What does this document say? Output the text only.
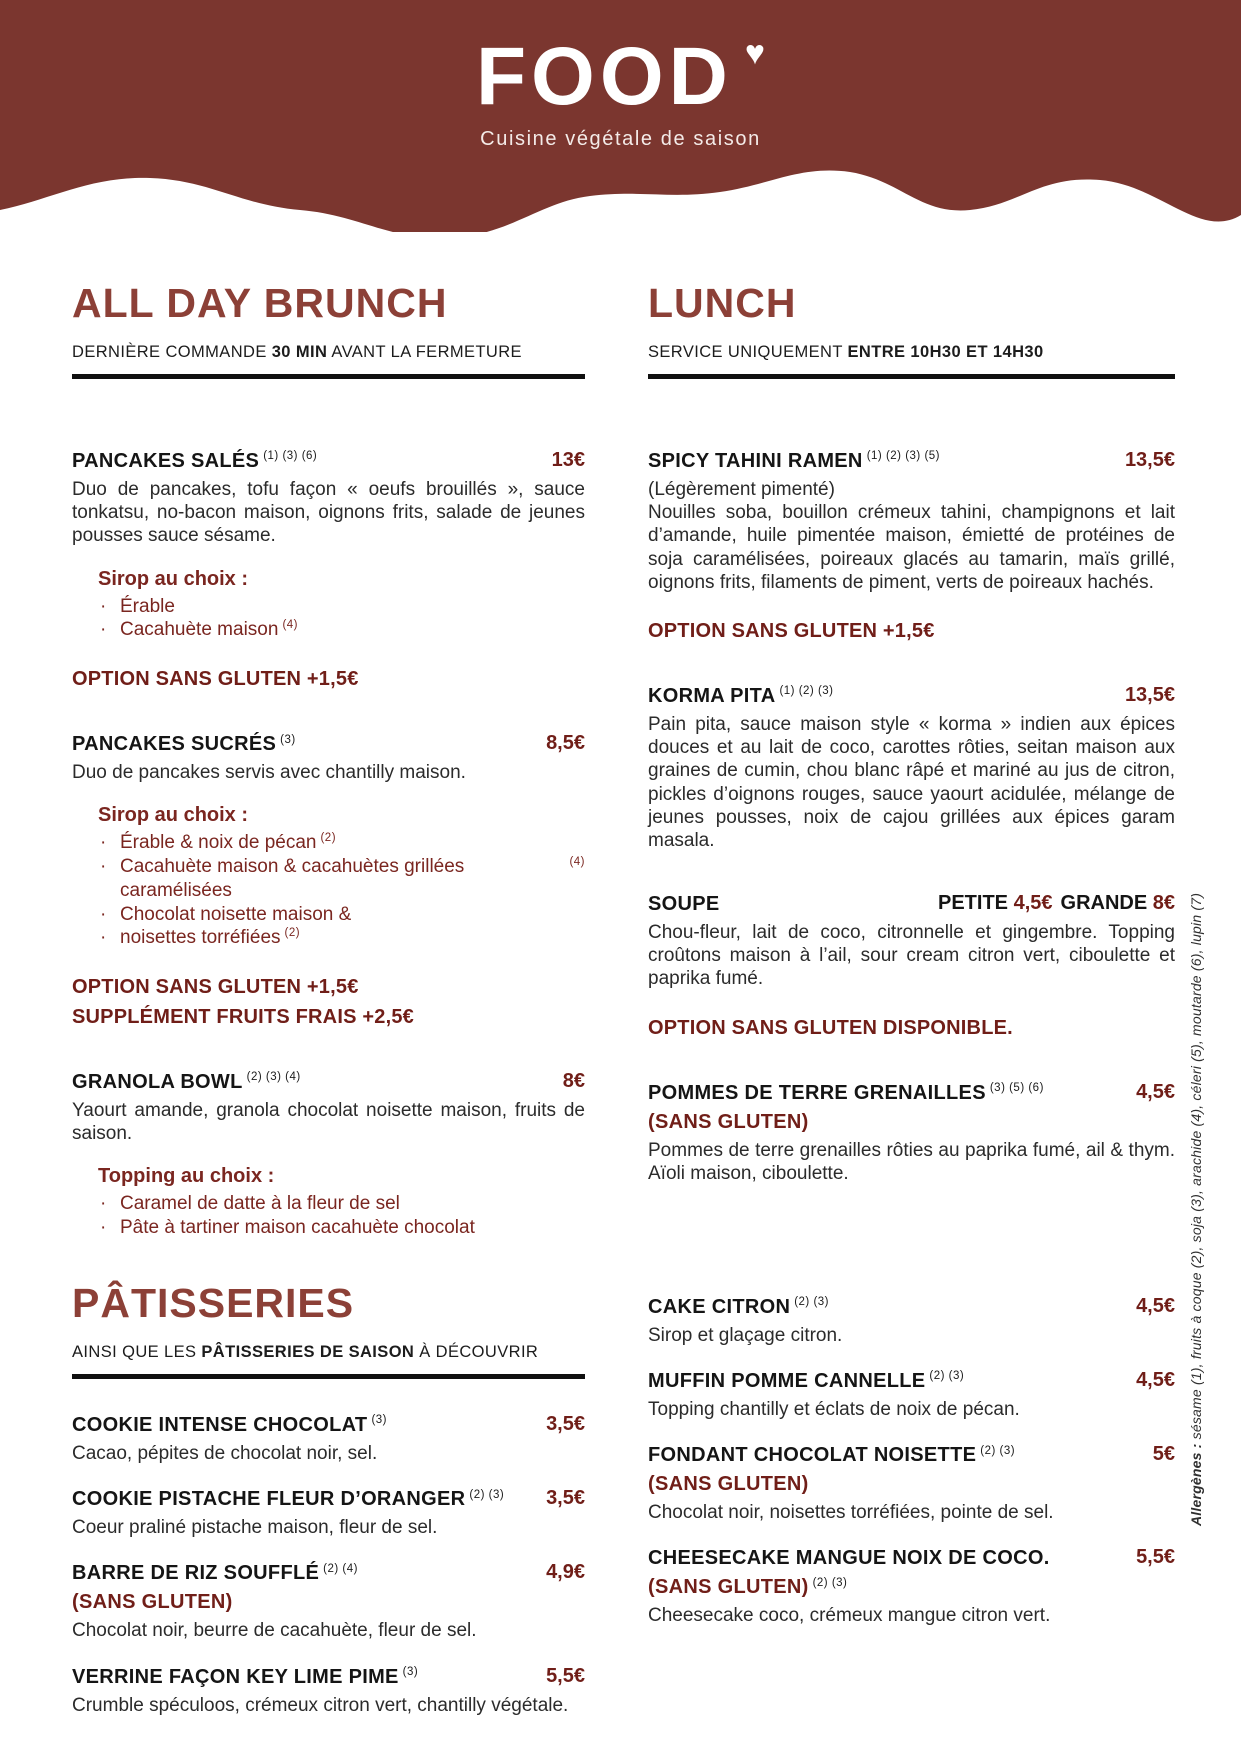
FOOD ♥
Cuisine végétale de saison
ALL DAY BRUNCH
DERNIÈRE COMMANDE 30 MIN AVANT LA FERMETURE
PANCAKES SALÉS $^{(1) (3) (6)}$	13€

Duo de pancakes, tofu façon « oeufs brouillés », sauce tonkatsu, no-bacon maison, oignons frits, salade de jeunes pousses sauce sésame.

Sirop au choix :
· Érable
· Cacahuète maison (4)
OPTION SANS GLUTEN +1,5€
PANCAKES SUCRÉS $^{(3)}$	8,5€

Duo de pancakes servis avec chantilly maison.

Sirop au choix :
· Érable & noix de pécan (2)
· Cacahuète maison & cacahuètes grillées caramélisées
(4)
· Chocolat noisette maison &
· noisettes torréfiées (2)
OPTION SANS GLUTEN +1,5€
SUPPLÉMENT FRUITS FRAIS +2,5€
GRANOLA BOWL $^{(2) (3) (4)}$	8€

Yaourt amande, granola chocolat noisette maison, fruits de saison.

Topping au choix :
· Caramel de datte à la fleur de sel
· Pâte à tartiner maison cacahuète chocolat
PÂTISSERIES
AINSI QUE LES PÂTISSERIES DE SAISON À DÉCOUVRIR
COOKIE INTENSE CHOCOLAT $^{(3)}$	3,5€

Cacao, pépites de chocolat noir, sel.

COOKIE PISTACHE FLEUR D’ORANGER $^{(2) (3)}$	3,5€

Coeur praliné pistache maison, fleur de sel.

BARRE DE RIZ SOUFFLÉ $^{(2) (4)}$	4,9€
(SANS GLUTEN)

Chocolat noir, beurre de cacahuète, fleur de sel.

VERRINE FAÇON KEY LIME PIME $^{(3)}$	5,5€

Crumble spéculoos, crémeux citron vert, chantilly végétale.

LUNCH
SERVICE UNIQUEMENT ENTRE 10H30 ET 14H30
SPICY TAHINI RAMEN $^{(1) (2) (3) (5)}$	13,5€
(Légèrement pimenté)

Nouilles soba, bouillon crémeux tahini, champignons et lait d’amande, huile pimentée maison, émietté de protéines de soja caramélisées, poireaux glacés au tamarin, maïs grillé, oignons frits, filaments de piment, verts de poireaux hachés.

OPTION SANS GLUTEN +1,5€
KORMA PITA $^{(1) (2) (3)}$	13,5€

Pain pita, sauce maison style « korma » indien aux épices douces et au lait de coco, carottes rôties, seitan maison aux graines de cumin, chou blanc râpé et mariné au jus de citron, pickles d’oignons rouges, sauce yaourt acidulée, mélange de jeunes pousses, noix de cajou grillées aux épices garam masala.

SOUPE	PETITE 4,5€ GRANDE 8€

Chou-fleur, lait de coco, citronnelle et gingembre. Topping croûtons maison à l’ail, sour cream citron vert, ciboulette et paprika fumé.

OPTION SANS GLUTEN DISPONIBLE.
POMMES DE TERRE GRENAILLES $^{(3) (5) (6)}$	4,5€
(SANS GLUTEN)

Pommes de terre grenailles rôties au paprika fumé, ail & thym. Aïoli maison, ciboulette.

CAKE CITRON $^{(2) (3)}$	4,5€

Sirop et glaçage citron.

MUFFIN POMME CANNELLE $^{(2) (3)}$	4,5€

Topping chantilly et éclats de noix de pécan.

FONDANT CHOCOLAT NOISETTE $^{(2) (3)}$	5€
(SANS GLUTEN)

Chocolat noir, noisettes torréfiées, pointe de sel.

CHEESECAKE MANGUE NOIX DE COCO.	5,5€
(SANS GLUTEN) $^{(2) (3)}$

Cheesecake coco, crémeux mangue citron vert.

Allergènes : sésame (1), fruits à coque (2), soja (3), arachide (4), céleri (5), moutarde (6), lupin (7)
